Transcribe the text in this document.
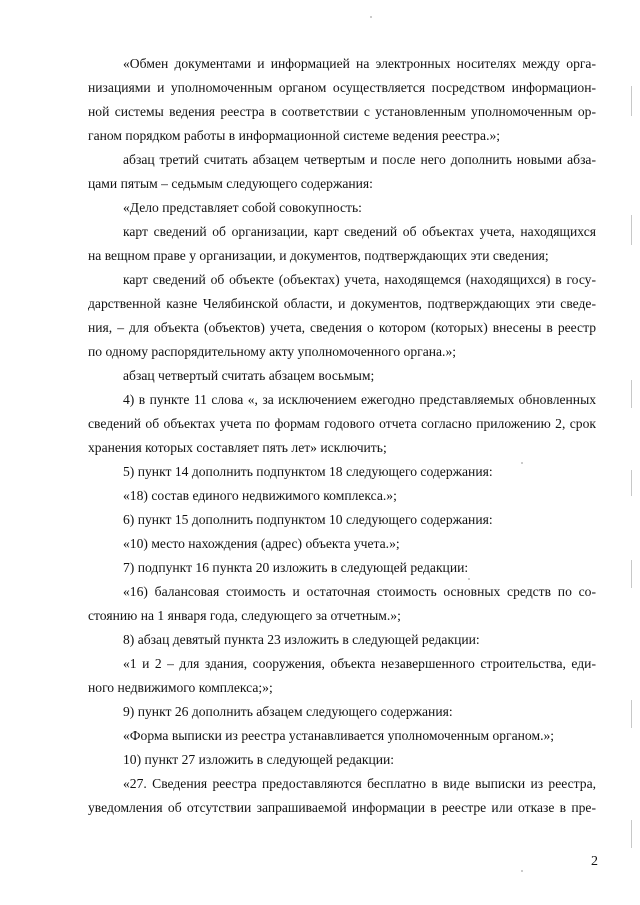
«Обмен документами и информацией на электронных носителях между орга-
низациями и уполномоченным органом осуществляется посредством информацион-
ной системы ведения реестра в соответствии с установленным уполномоченным ор-
ганом порядком работы в информационной системе ведения реестра.»;
абзац третий считать абзацем четвертым и после него дополнить новыми абза-
цами пятым – седьмым следующего содержания:
«Дело представляет собой совокупность:
карт сведений об организации, карт сведений об объектах учета, находящихся
на вещном праве у организации, и документов, подтверждающих эти сведения;
карт сведений об объекте (объектах) учета, находящемся (находящихся) в госу-
дарственной казне Челябинской области, и документов, подтверждающих эти сведе-
ния, – для объекта (объектов) учета, сведения о котором (которых) внесены в реестр
по одному распорядительному акту уполномоченного органа.»;
абзац четвертый считать абзацем восьмым;
4) в пункте 11 слова «, за исключением ежегодно представляемых обновленных
сведений об объектах учета по формам годового отчета согласно приложению 2, срок
хранения которых составляет пять лет» исключить;
5) пункт 14 дополнить подпунктом 18 следующего содержания:
«18) состав единого недвижимого комплекса.»;
6) пункт 15 дополнить подпунктом 10 следующего содержания:
«10) место нахождения (адрес) объекта учета.»;
7) подпункт 16 пункта 20 изложить в следующей редакции:
«16) балансовая стоимость и остаточная стоимость основных средств по со-
стоянию на 1 января года, следующего за отчетным.»;
8) абзац девятый пункта 23 изложить в следующей редакции:
«1 и 2 – для здания, сооружения, объекта незавершенного строительства, еди-
ного недвижимого комплекса;»;
9) пункт 26 дополнить абзацем следующего содержания:
«Форма выписки из реестра устанавливается уполномоченным органом.»;
10) пункт 27 изложить в следующей редакции:
«27. Сведения реестра предоставляются бесплатно в виде выписки из реестра,
уведомления об отсутствии запрашиваемой информации в реестре или отказе в пре-
2
